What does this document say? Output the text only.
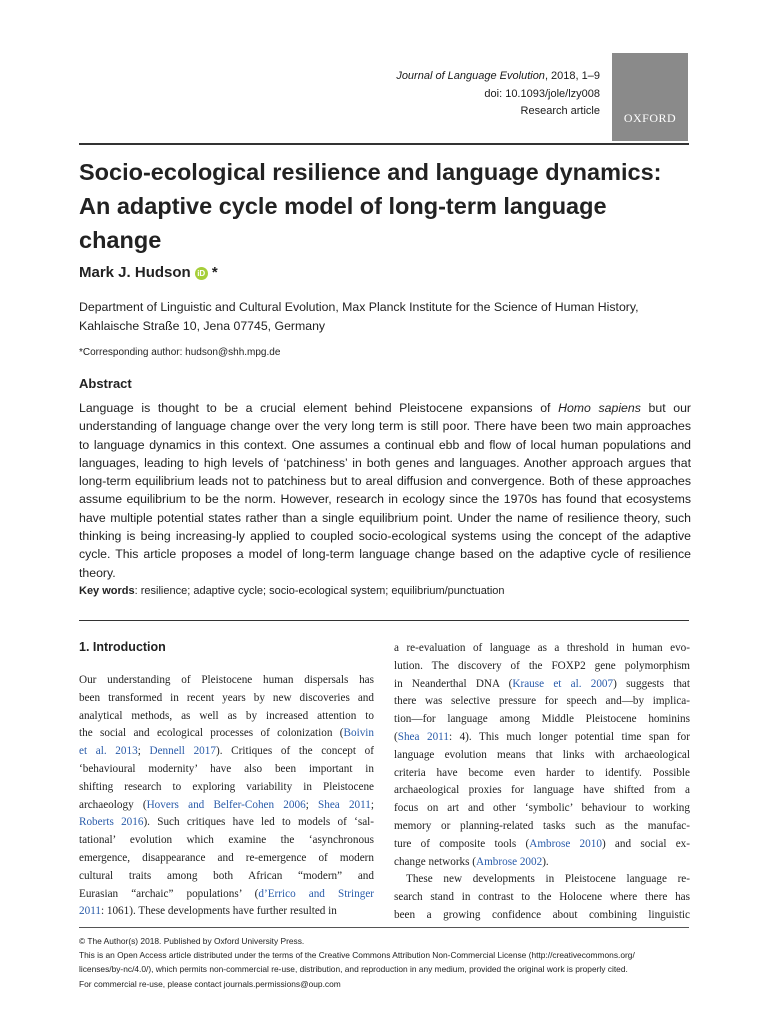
Journal of Language Evolution, 2018, 1–9
doi: 10.1093/jole/lzy008
Research article	OXFORD
Socio-ecological resilience and language dynamics: An adaptive cycle model of long-term language change
Mark J. Hudson iD *
Department of Linguistic and Cultural Evolution, Max Planck Institute for the Science of Human History,
Kahlaische Straße 10, Jena 07745, Germany
*Corresponding author: hudson@shh.mpg.de
Abstract
Language is thought to be a crucial element behind Pleistocene expansions of Homo sapiens but our understanding of language change over the very long term is still poor. There have been two main approaches to language dynamics in this context. One assumes a continual ebb and flow of local human populations and languages, leading to high levels of ‘patchiness’ in both genes and languages. Another approach argues that long-term equilibrium leads not to patchiness but to areal diffusion and convergence. Both of these approaches assume equilibrium to be the norm. However, research in ecology since the 1970s has found that ecosystems have multiple potential states rather than a single equilibrium point. Under the name of resilience theory, such thinking is being increasing-ly applied to coupled socio-ecological systems using the concept of the adaptive cycle. This article proposes a model of long-term language change based on the adaptive cycle of resilience theory.
Key words: resilience; adaptive cycle; socio-ecological system; equilibrium/punctuation
1. Introduction
Our understanding of Pleistocene human dispersals has
been transformed in recent years by new discoveries and
analytical methods, as well as by increased attention to
the social and ecological processes of colonization (Boivin
et al. 2013; Dennell 2017). Critiques of the concept of
‘behavioural modernity’ have also been important in
shifting research to exploring variability in Pleistocene
archaeology (Hovers and Belfer-Cohen 2006; Shea 2011;
Roberts 2016). Such critiques have led to models of ‘sal-
tational’ evolution which examine the ‘asynchronous
emergence, disappearance and re-emergence of modern
cultural traits among both African “modern” and
Eurasian “archaic” populations’ (d’Errico and Stringer
2011: 1061). These developments have further resulted in
a re-evaluation of language as a threshold in human evo-
lution. The discovery of the FOXP2 gene polymorphism
in Neanderthal DNA (Krause et al. 2007) suggests that
there was selective pressure for speech and—by implica-
tion—for language among Middle Pleistocene hominins
(Shea 2011: 4). This much longer potential time span for
language evolution means that links with archaeological
criteria have become even harder to identify. Possible
archaeological proxies for language have shifted from a
focus on art and other ‘symbolic’ behaviour to working
memory or planning-related tasks such as the manufac-
ture of composite tools (Ambrose 2010) and social ex-
change networks (Ambrose 2002).
These new developments in Pleistocene language re-
search stand in contrast to the Holocene where there has
been a growing confidence about combining linguistic
© The Author(s) 2018. Published by Oxford University Press.
This is an Open Access article distributed under the terms of the Creative Commons Attribution Non-Commercial License (http://creativecommons.org/
licenses/by-nc/4.0/), which permits non-commercial re-use, distribution, and reproduction in any medium, provided the original work is properly cited.
For commercial re-use, please contact journals.permissions@oup.com
